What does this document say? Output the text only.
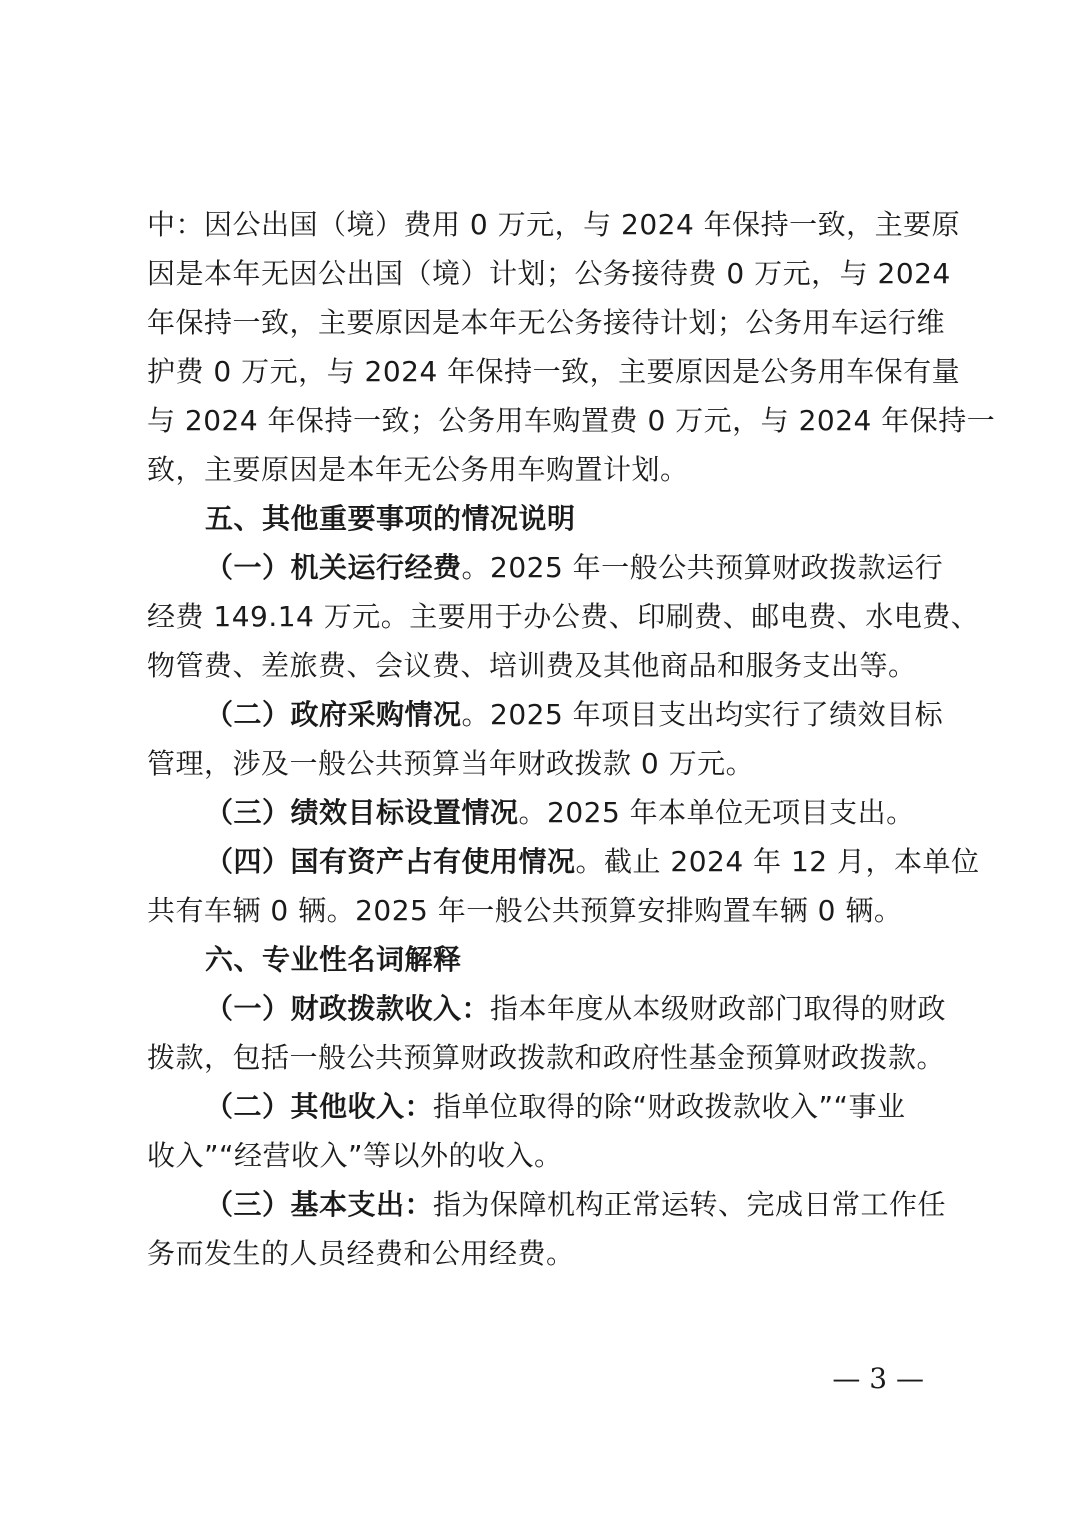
中：因公出国（境）费用 0 万元，与 2024 年保持一致，主要原
因是本年无因公出国（境）计划；公务接待费 0 万元，与 2024
年保持一致，主要原因是本年无公务接待计划；公务用车运行维
护费 0 万元，与 2024 年保持一致，主要原因是公务用车保有量
与 2024 年保持一致；公务用车购置费 0 万元，与 2024 年保持一
致，主要原因是本年无公务用车购置计划。
五、其他重要事项的情况说明
（一）机关运行经费。2025 年一般公共预算财政拨款运行
经费 149.14 万元。主要用于办公费、印刷费、邮电费、水电费、
物管费、差旅费、会议费、培训费及其他商品和服务支出等。
（二）政府采购情况。2025 年项目支出均实行了绩效目标
管理，涉及一般公共预算当年财政拨款 0 万元。
（三）绩效目标设置情况。2025 年本单位无项目支出。
（四）国有资产占有使用情况。截止 2024 年 12 月，本单位
共有车辆 0 辆。2025 年一般公共预算安排购置车辆 0 辆。
六、专业性名词解释
（一）财政拨款收入：指本年度从本级财政部门取得的财政
拨款，包括一般公共预算财政拨款和政府性基金预算财政拨款。
（二）其他收入：指单位取得的除“财政拨款收入”“事业
收入”“经营收入”等以外的收入。
（三）基本支出：指为保障机构正常运转、完成日常工作任
务而发生的人员经费和公用经费。
— 3 —
